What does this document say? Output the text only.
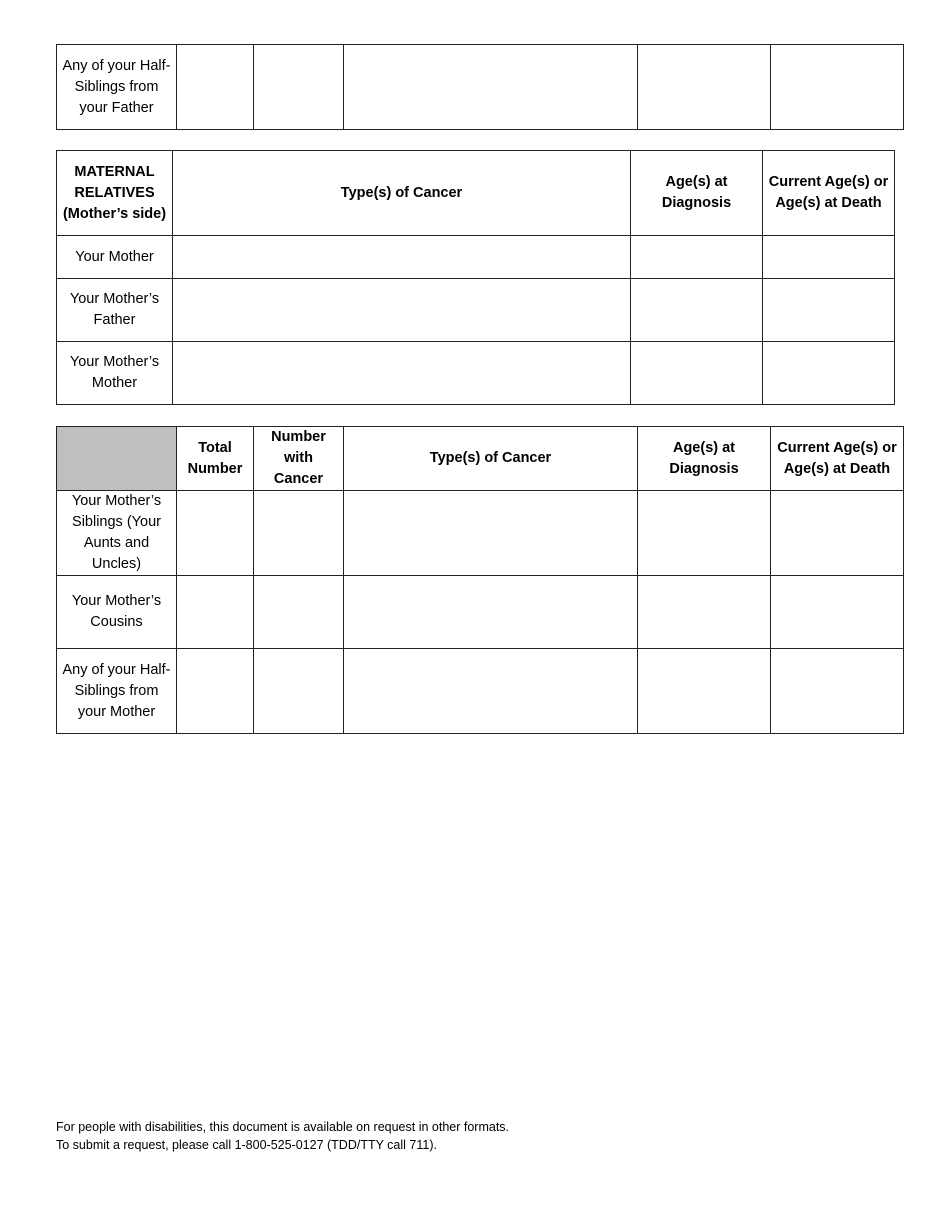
Any of your Half-Siblings from your Father					
MATERNAL RELATIVES (Mother’s side)	Type(s) of Cancer	Age(s) at Diagnosis	Current Age(s) or Age(s) at Death
Your Mother			
Your Mother’s Father			
Your Mother’s Mother			
	Total Number	Number with Cancer	Type(s) of Cancer	Age(s) at Diagnosis	Current Age(s) or Age(s) at Death
Your Mother’s Siblings (Your Aunts and Uncles)					
Your Mother’s Cousins					
Any of your Half-Siblings from your Mother					
For people with disabilities, this document is available on request in other formats.
To submit a request, please call 1-800-525-0127 (TDD/TTY call 711).
